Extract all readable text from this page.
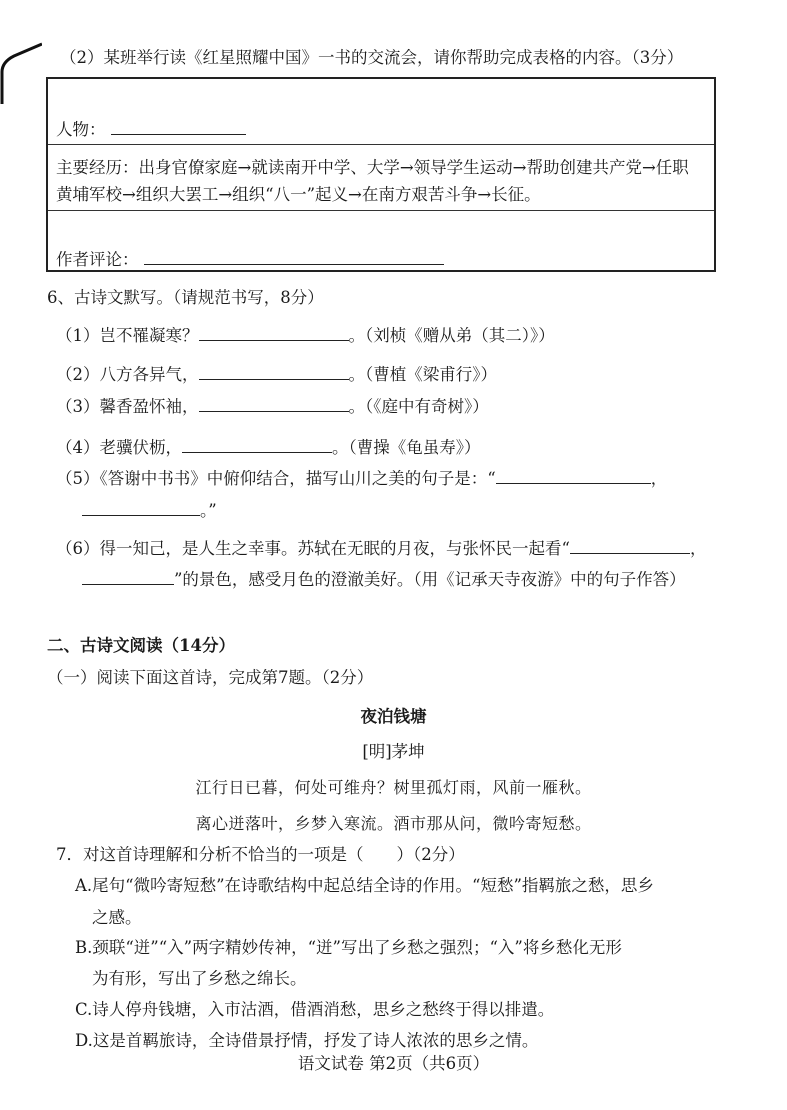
（2）某班举行读《红星照耀中国》一书的交流会，请你帮助完成表格的内容。（3分）
人物：
主要经历：出身官僚家庭→就读南开中学、大学→领导学生运动→帮助创建共产党→任职
黄埔军校→组织大罢工→组织“八一”起义→在南方艰苦斗争→长征。
作者评论：
6、古诗文默写。（请规范书写，8分）
（1）岂不罹凝寒？	。（刘桢《赠从弟（其二）》）
（2）八方各异气，	。（曹植《梁甫行》）
（3）馨香盈怀袖，	。（《庭中有奇树》）
（4）老骥伏枥，	。（曹操《龟虽寿》）
（5）《答谢中书书》中俯仰结合，描写山川之美的句子是：“	，
。”
（6）得一知己，是人生之幸事。苏轼在无眠的月夜，与张怀民一起看“	，
”的景色，感受月色的澄澈美好。（用《记承天寺夜游》中的句子作答）
二、古诗文阅读（14分）
（一）阅读下面这首诗，完成第7题。（2分）
夜泊钱塘
[明]茅坤
江行日已暮，何处可维舟？树里孤灯雨，风前一雁秋。
离心迸落叶，乡梦入寒流。酒市那从问，微吟寄短愁。
7．对这首诗理解和分析不恰当的一项是（　　）（2分）
A.尾句“微吟寄短愁”在诗歌结构中起总结全诗的作用。“短愁”指羁旅之愁，思乡
之感。
B.颈联“迸”“入”两字精妙传神，“迸”写出了乡愁之强烈；“入”将乡愁化无形
为有形，写出了乡愁之绵长。
C.诗人停舟钱塘，入市沽酒，借酒消愁，思乡之愁终于得以排遣。
D.这是首羁旅诗，全诗借景抒情，抒发了诗人浓浓的思乡之情。
语文试卷 第2页（共6页）
